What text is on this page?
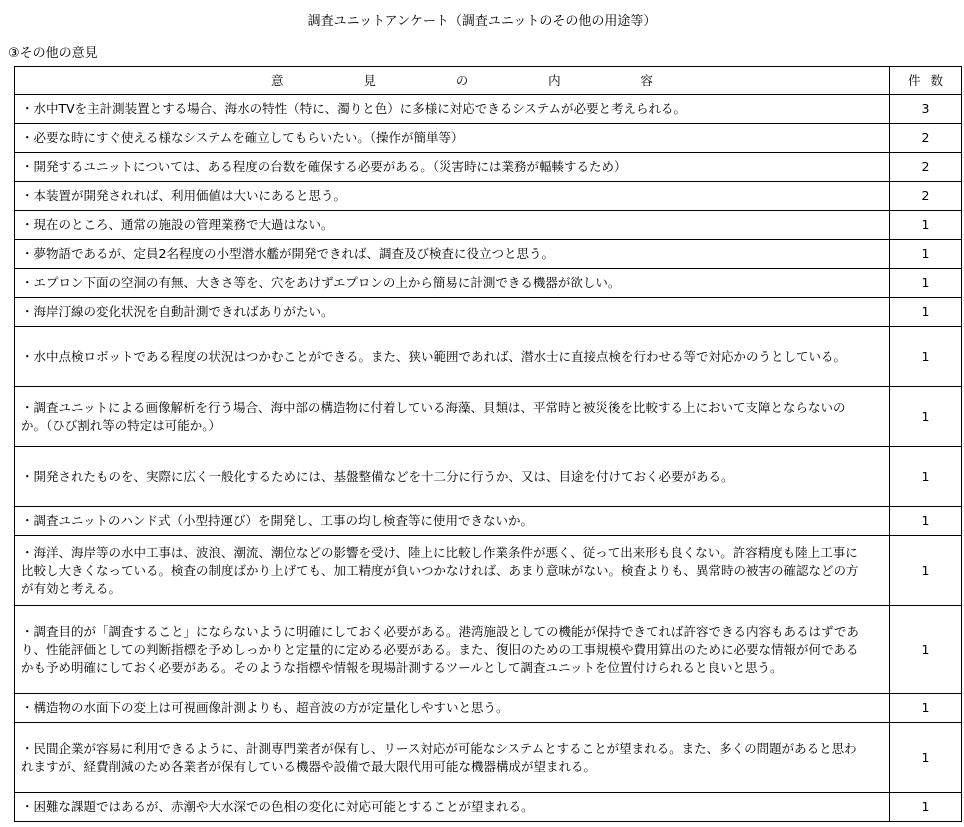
調査ユニットアンケート（調査ユニットのその他の用途等）
③その他の意見
意 見 の 内 容	件 数

・水中TVを主計測装置とする場合、海水の特性（特に、濁りと色）に多様に対応できるシステムが必要と考えられる。	3
・必要な時にすぐ使える様なシステムを確立してもらいたい。（操作が簡単等）	2
・開発するユニットについては、ある程度の台数を確保する必要がある。（災害時には業務が輻輳するため）	2
・本装置が開発されれば、利用価値は大いにあると思う。	2
・現在のところ、通常の施設の管理業務で大過はない。	1
・夢物語であるが、定員2名程度の小型潜水艦が開発できれば、調査及び検査に役立つと思う。	1
・エプロン下面の空洞の有無、大きさ等を、穴をあけずエプロンの上から簡易に計測できる機器が欲しい。	1
・海岸汀線の変化状況を自動計測できればありがたい。	1
・水中点検ロボットである程度の状況はつかむことができる。また、狭い範囲であれば、潜水士に直接点検を行わせる等で対応かのうとしている。	1
・調査ユニットによる画像解析を行う場合、海中部の構造物に付着している海藻、貝類は、平常時と被災後を比較する上において支障とならないのか。（ひび割れ等の特定は可能か。）	1
・開発されたものを、実際に広く一般化するためには、基盤整備などを十二分に行うか、又は、目途を付けておく必要がある。	1
・調査ユニットのハンド式（小型持運び）を開発し、工事の均し検査等に使用できないか。	1
・海洋、海岸等の水中工事は、波浪、潮流、潮位などの影響を受け、陸上に比較し作業条件が悪く、従って出来形も良くない。許容精度も陸上工事に比較し大きくなっている。検査の制度ばかり上げても、加工精度が負いつかなければ、あまり意味がない。検査よりも、異常時の被害の確認などの方が有効と考える。	1
・調査目的が「調査すること」にならないように明確にしておく必要がある。港湾施設としての機能が保持できてれば許容できる内容もあるはずであり、性能評価としての判断指標を予めしっかりと定量的に定める必要がある。また、復旧のための工事規模や費用算出のために必要な情報が何であるかも予め明確にしておく必要がある。そのような指標や情報を現場計測するツールとして調査ユニットを位置付けられると良いと思う。	1
・構造物の水面下の変上は可視画像計測よりも、超音波の方が定量化しやすいと思う。	1
・民間企業が容易に利用できるように、計測専門業者が保有し、リース対応が可能なシステムとすることが望まれる。また、多くの問題があると思われますが、経費削減のため各業者が保有している機器や設備で最大限代用可能な機器構成が望まれる。	1
・困難な課題ではあるが、赤潮や大水深での色相の変化に対応可能とすることが望まれる。	1
